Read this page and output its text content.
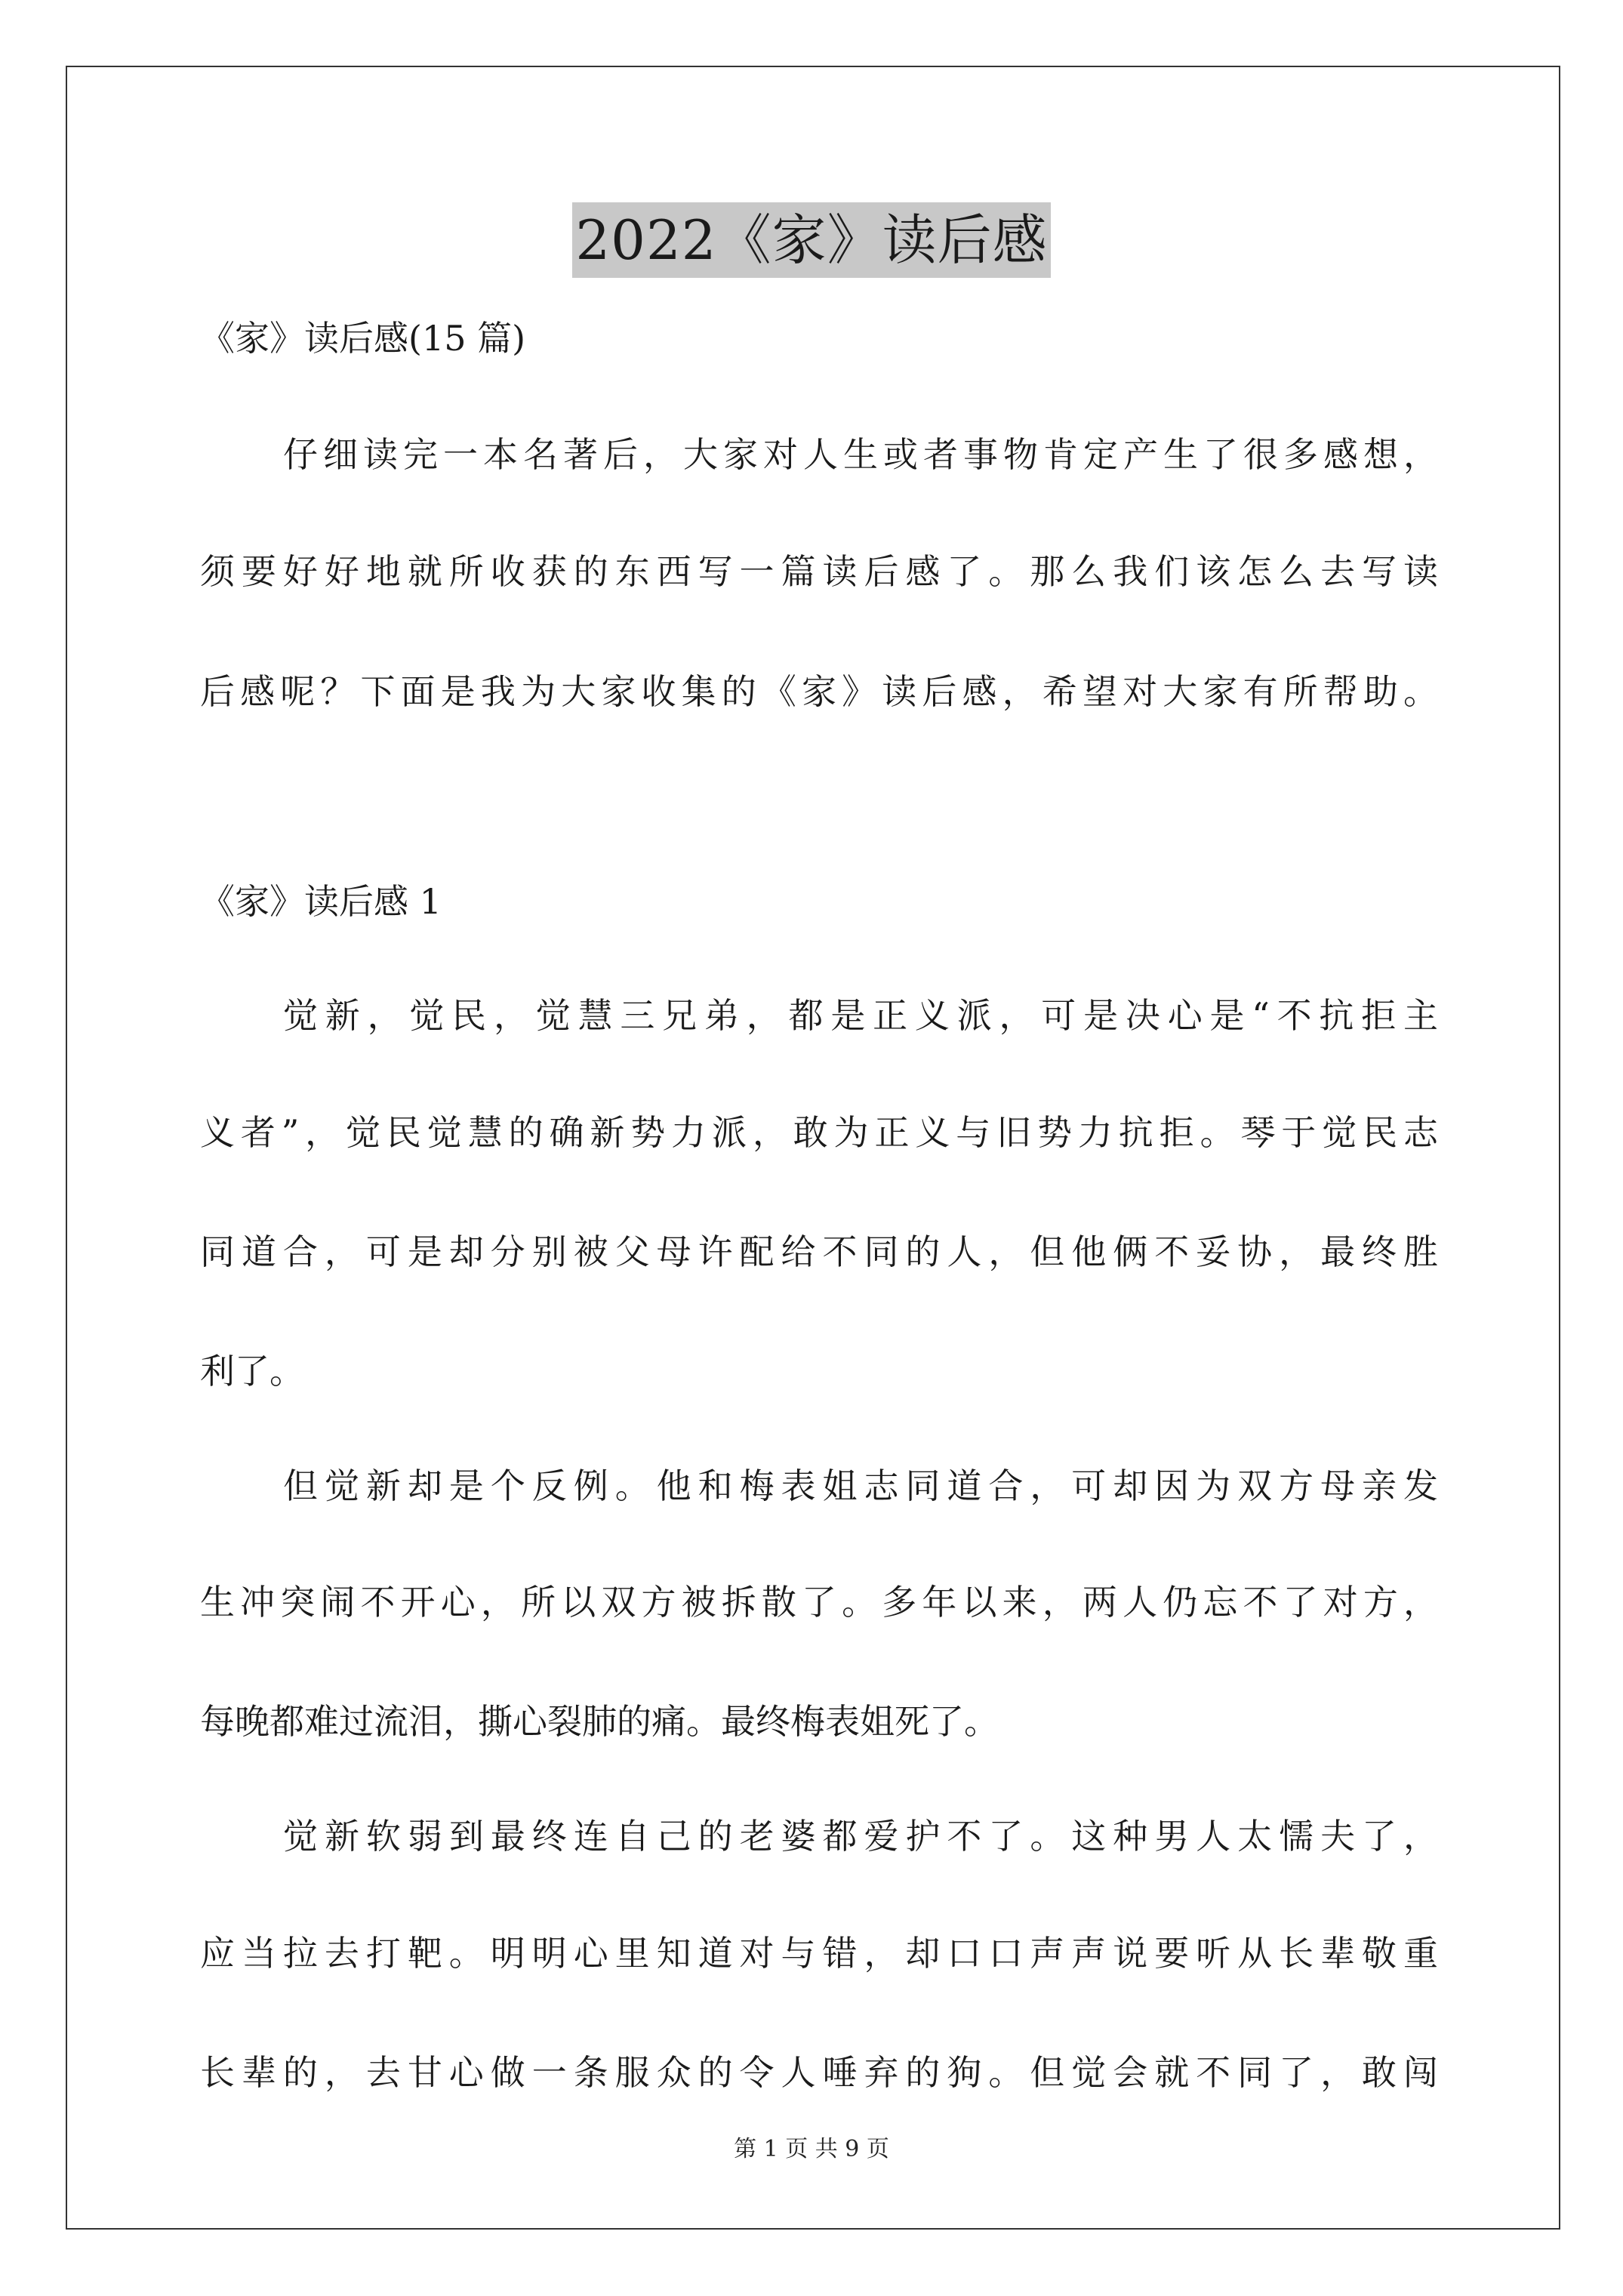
2022《家》读后感
《家》读后感(15 篇)
仔细读完一本名著后，大家对人生或者事物肯定产生了很多感想，
须要好好地就所收获的东西写一篇读后感了。那么我们该怎么去写读
后感呢？下面是我为大家收集的《家》读后感，希望对大家有所帮助。
《家》读后感 1
觉新，觉民，觉慧三兄弟，都是正义派，可是决心是“不抗拒主
义者”，觉民觉慧的确新势力派，敢为正义与旧势力抗拒。琴于觉民志
同道合，可是却分别被父母许配给不同的人，但他俩不妥协，最终胜
利了。
但觉新却是个反例。他和梅表姐志同道合，可却因为双方母亲发
生冲突闹不开心，所以双方被拆散了。多年以来，两人仍忘不了对方，
每晚都难过流泪，撕心裂肺的痛。最终梅表姐死了。
觉新软弱到最终连自己的老婆都爱护不了。这种男人太懦夫了，
应当拉去打靶。明明心里知道对与错，却口口声声说要听从长辈敬重
长辈的，去甘心做一条服众的令人唾弃的狗。但觉会就不同了，敢闯
第 1 页 共 9 页
